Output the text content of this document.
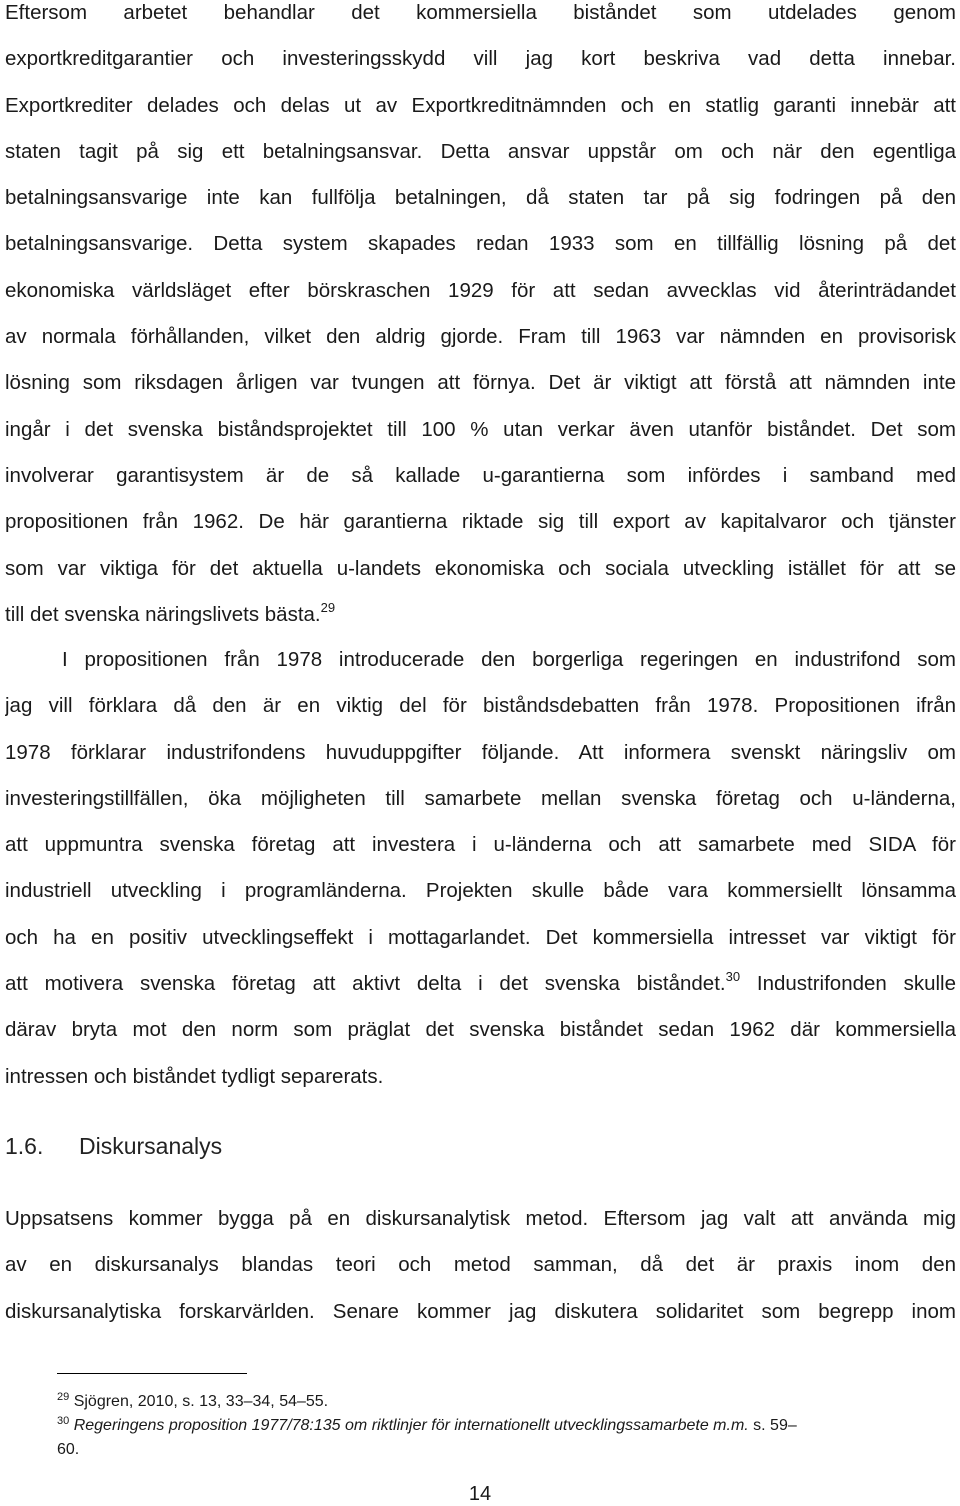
Eftersom arbetet behandlar det kommersiella biståndet som utdelades genom
exportkreditgarantier och investeringsskydd vill jag kort beskriva vad detta innebar.
Exportkrediter delades och delas ut av Exportkreditnämnden och en statlig garanti innebär att
staten tagit på sig ett betalningsansvar. Detta ansvar uppstår om och när den egentliga
betalningsansvarige inte kan fullfölja betalningen, då staten tar på sig fodringen på den
betalningsansvarige. Detta system skapades redan 1933 som en tillfällig lösning på det
ekonomiska världsläget efter börskraschen 1929 för att sedan avvecklas vid återinträdandet
av normala förhållanden, vilket den aldrig gjorde. Fram till 1963 var nämnden en provisorisk
lösning som riksdagen årligen var tvungen att förnya. Det är viktigt att förstå att nämnden inte
ingår i det svenska biståndsprojektet till 100 % utan verkar även utanför biståndet. Det som
involverar garantisystem är de så kallade u-garantierna som infördes i samband med
propositionen från 1962. De här garantierna riktade sig till export av kapitalvaror och tjänster
som var viktiga för det aktuella u-landets ekonomiska och sociala utveckling istället för att se
till det svenska näringslivets bästa.$^{29}$
I propositionen från 1978 introducerade den borgerliga regeringen en industrifond som
jag vill förklara då den är en viktig del för biståndsdebatten från 1978. Propositionen ifrån
1978 förklarar industrifondens huvuduppgifter följande. Att informera svenskt näringsliv om
investeringstillfällen, öka möjligheten till samarbete mellan svenska företag och u-länderna,
att uppmuntra svenska företag att investera i u-länderna och att samarbete med SIDA för
industriell utveckling i programländerna. Projekten skulle både vara kommersiellt lönsamma
och ha en positiv utvecklingseffekt i mottagarlandet. Det kommersiella intresset var viktigt för
att motivera svenska företag att aktivt delta i det svenska biståndet.$^{30}$ Industrifonden skulle
därav bryta mot den norm som präglat det svenska biståndet sedan 1962 där kommersiella
intressen och biståndet tydligt separerats.
1.6. Diskursanalys
Uppsatsens kommer bygga på en diskursanalytisk metod. Eftersom jag valt att använda mig
av en diskursanalys blandas teori och metod samman, då det är praxis inom den
diskursanalytiska forskarvärlden. Senare kommer jag diskutera solidaritet som begrepp inom
$^{29}$ Sjögren, 2010, s. 13, 33–34, 54–55.
$^{30}$ Regeringens proposition 1977/78:135 om riktlinjer för internationellt utvecklingssamarbete m.m. s. 59–
60.
14
